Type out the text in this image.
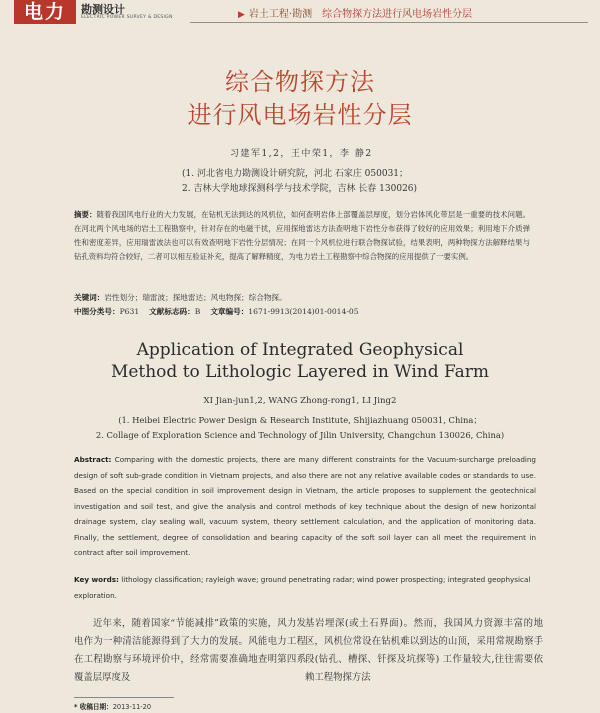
电力	勘测设计
ELECTRIC POWER SURVEY & DESIGN	▶ 岩土工程·勘测 综合物探方法进行风电场岩性分层
综合物探方法
进行风电场岩性分层
习建军1,2，王中荣1，李 静2
(1. 河北省电力勘测设计研究院，河北 石家庄 050031；
2. 吉林大学地球探测科学与技术学院，吉林 长春 130026)
摘要：随着我国风电行业的大力发展，在钻机无法到达的风机位，如何查明岩体上部覆盖层厚度，划分岩体风化带层是一重要的技术问题。在河北两个风电场的岩土工程勘察中，针对存在的电磁干扰，应用探地雷达方法查明地下岩性分布获得了较好的应用效果；利用地下介质弹性和密度差异，应用瑞雷波法也可以有效查明地下岩性分层情况；在同一个风机位进行联合物探试验，结果表明，两种物探方法解释结果与钻孔资料均符合较好，二者可以相互验证补充，提高了解释精度，为电力岩土工程勘察中综合物探的应用提供了一要实例。
关键词：岩性划分；瑞雷波；探地雷达；风电物探；综合物探。
中图分类号：P631 文献标志码：B 文章编号：1671-9913(2014)01-0014-05
Application of Integrated Geophysical
Method to Lithologic Layered in Wind Farm
XI Jian-jun1,2, WANG Zhong-rong1, LI Jing2
(1. Heibei Electric Power Design & Research Institute, Shijiazhuang 050031, China；
2. Collage of Exploration Science and Technology of Jilin University, Changchun 130026, China)
Abstract: Comparing with the domestic projects, there are many different constraints for the Vacuum-surcharge preloading design of soft sub-grade condition in Vietnam projects, and also there are not any relative available codes or standards to use. Based on the special condition in soil improvement design in Vietnam, the article proposes to supplement the geotechnical investigation and soil test, and give the analysis and control methods of key technique about the design of new horizontal drainage system, clay sealing wall, vacuum system, theory settlement calculation, and the application of monitoring data. Finally, the settlement, degree of consolidation and bearing capacity of the soft soil layer can all meet the requirement in contract after soil improvement.
Key words: lithology classification; rayleigh wave; ground penetrating radar; wind power prospecting; integrated geophysical exploration.
近年来，随着国家“节能减排”政策的实施，风力发电作为一种清洁能源得到了大力的发展。风能电力工程在工程勘察与环境评价中，经常需要准确地查明第四系覆盖层厚度及
基岩埋深(或土石界面)。然而，我国风力资源丰富的地区，风机位常设在钻机难以到达的山顶，采用常规勘察手段(钻孔、槽探、钎探及坑探等) 工作量较大,往往需要依赖工程物探方法
* 收稿日期：2013-11-20
